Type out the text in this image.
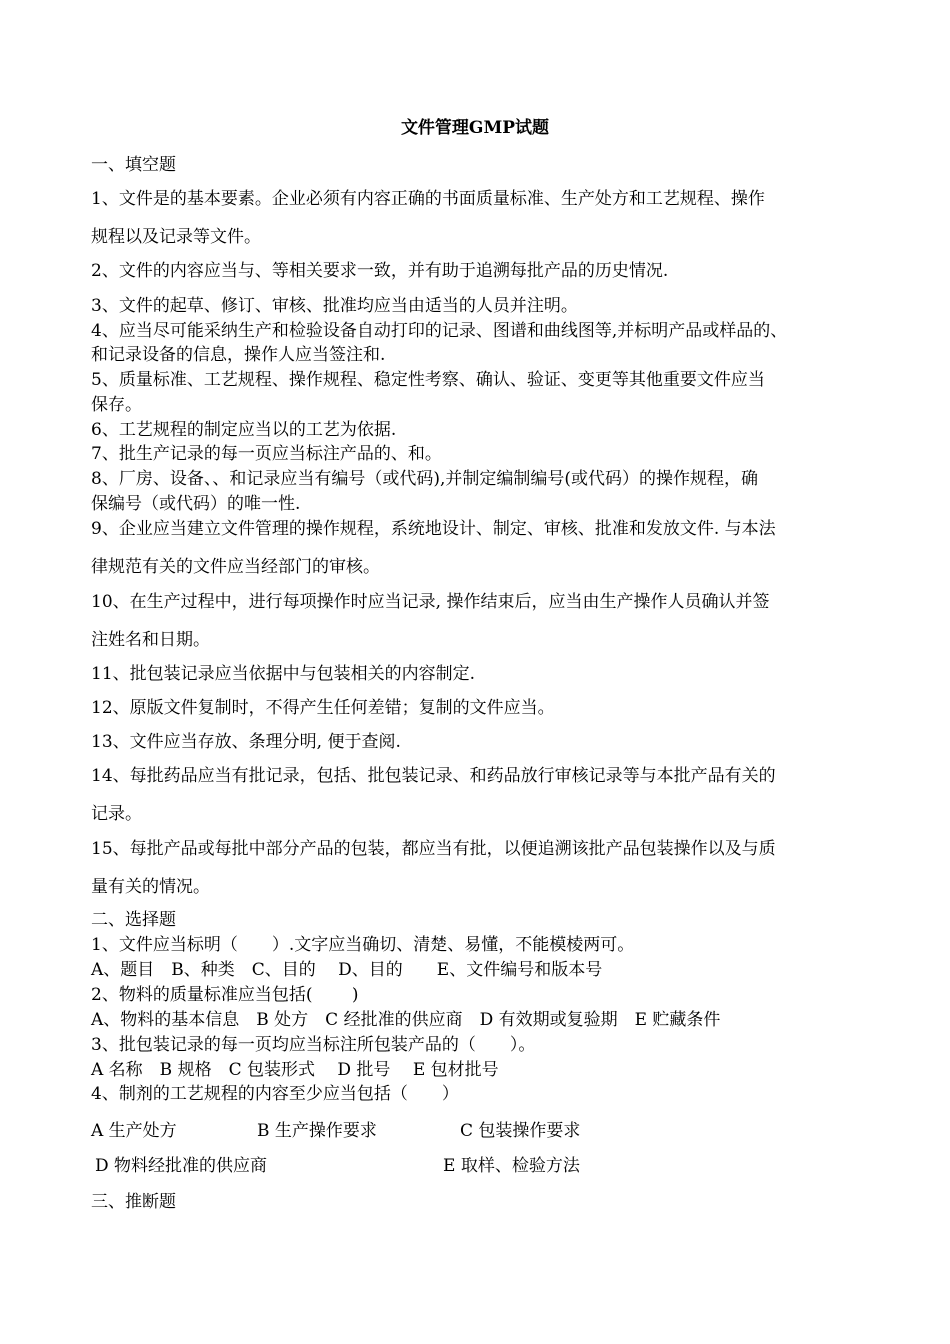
文件管理GMP试题
一、填空题
1、文件是的基本要素。企业必须有内容正确的书面质量标准、生产处方和工艺规程、操作
规程以及记录等文件。
2、文件的内容应当与、等相关要求一致，并有助于追溯每批产品的历史情况.
3、文件的起草、修订、审核、批准均应当由适当的人员并注明。
4、应当尽可能采纳生产和检验设备自动打印的记录、图谱和曲线图等,并标明产品或样品的、
和记录设备的信息，操作人应当签注和.
5、质量标准、工艺规程、操作规程、稳定性考察、确认、验证、变更等其他重要文件应当
保存。
6、工艺规程的制定应当以的工艺为依据.
7、批生产记录的每一页应当标注产品的、和。
8、厂房、设备、、和记录应当有编号（或代码),并制定编制编号(或代码）的操作规程，确
保编号（或代码）的唯一性.
9、企业应当建立文件管理的操作规程，系统地设计、制定、审核、批准和发放文件. 与本法
律规范有关的文件应当经部门的审核。
10、在生产过程中，进行每项操作时应当记录, 操作结束后，应当由生产操作人员确认并签
注姓名和日期。
11、批包装记录应当依据中与包装相关的内容制定.
12、原版文件复制时，不得产生任何差错；复制的文件应当。
13、文件应当存放、条理分明, 便于查阅.
14、每批药品应当有批记录，包括、批包装记录、和药品放行审核记录等与本批产品有关的
记录。
15、每批产品或每批中部分产品的包装，都应当有批，以便追溯该批产品包装操作以及与质
量有关的情况。
二、选择题
1、文件应当标明（　　）.文字应当确切、清楚、易懂，不能模棱两可。
A、题目　B、种类　C、目的　 D、目的　　E、文件编号和版本号
2、物料的质量标准应当包括(　　 )
A、物料的基本信息　B 处方　C 经批准的供应商　D 有效期或复验期　E 贮藏条件
3、批包装记录的每一页均应当标注所包装产品的（　　）。
A 名称　B 规格　C 包装形式　 D 批号　 E 包材批号
4、制剂的工艺规程的内容至少应当包括（　　）
A 生产处方	B 生产操作要求	C 包装操作要求
D 物料经批准的供应商	E 取样、检验方法
三、推断题
